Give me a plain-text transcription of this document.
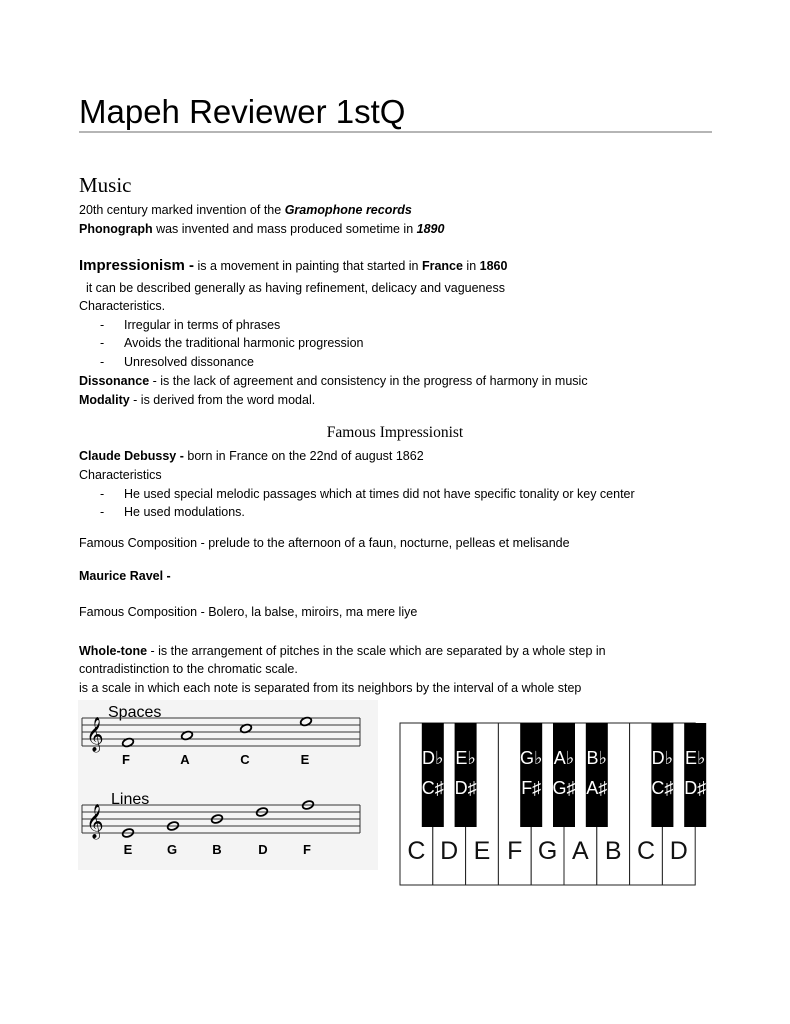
Mapeh Reviewer 1stQ
Music
20th century marked invention of the Gramophone records
Phonograph was invented and mass produced sometime in 1890
Impressionism - is a movement in painting that started in France in 1860
it can be described generally as having refinement, delicacy and vagueness
Characteristics.
- Irregular in terms of phrases
- Avoids the traditional harmonic progression
- Unresolved dissonance
Dissonance - is the lack of agreement and consistency in the progress of harmony in music
Modality - is derived from the word modal.
Famous Impressionist
Claude Debussy - born in France on the 22nd of august 1862
Characteristics
- He used special melodic passages which at times did not have specific tonality or key center
- He used modulations.
Famous Composition - prelude to the afternoon of a faun, nocturne, pelleas et melisande
Maurice Ravel -
Famous Composition - Bolero, la balse, miroirs, ma mere liye
Whole-tone - is the arrangement of pitches in the scale which are separated by a whole step in
contradistinction to the chromatic scale.
is a scale in which each note is separated from its neighbors by the interval of a whole step
Spaces
𝄞
F	A	C	E
Lines
𝄞
E	G	B	D	F	C D E F G A B C D
D♭
C♯
E♭
D♯
G♭
F♯
A♭
G♯
B♭
A♯
D♭
C♯
E♭
D♯
